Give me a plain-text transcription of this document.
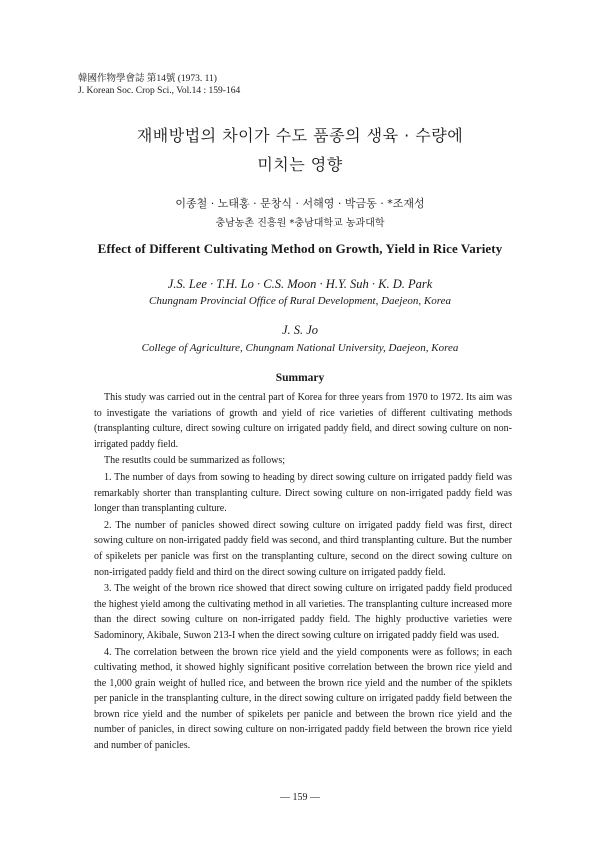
韓國作物學會誌 第14號 (1973. 11)
J. Korean Soc. Crop Sci., Vol.14 : 159-164
재배방법의 차이가 수도 품종의 생육 · 수량에
미치는 영향
이종철 · 노태홍 · 문창식 · 서해영 · 박금동 · *조재성
충남농촌 진흥원 *충남대학교 농과대학
Effect of Different Cultivating Method on Growth, Yield in Rice Variety
J.S. Lee · T.H. Lo · C.S. Moon · H.Y. Suh · K. D. Park
Chungnam Provincial Office of Rural Development, Daejeon, Korea
J. S. Jo
College of Agriculture, Chungnam National University, Daejeon, Korea
Summary

This study was carried out in the central part of Korea for three years from 1970 to 1972. Its aim was to investigate the variations of growth and yield of rice varieties of different cultivating methods (transplanting culture, direct sowing culture on irrigated paddy field, and direct sowing culture on non-irrigated paddy field.

The resutlts could be summarized as follows;

1. The number of days from sowing to heading by direct sowing culture on irrigated paddy field was remarkably shorter than transplanting culture. Direct sowing culture on non-irrigated paddy field was longer than transplanting culture.

2. The number of panicles showed direct sowing culture on irrigated paddy field was first, direct sowing culture on non-irrigated paddy field was second, and third transplanting culture. But the number of spikelets per panicle was first on the transplanting culture, second on the direct sowing culture on non-irrigated paddy field and third on the direct sowing culture on irrigated paddy field.

3. The weight of the brown rice showed that direct sowing culture on irrigated paddy field produced the highest yield among the cultivating method in all varieties. The transplanting culture increased more than the direct sowing culture on non-irrigated paddy field. The highly productive varieties were Sadominory, Akibale, Suwon 213-I when the direct sowing culture on irrigated paddy field was used.

4. The correlation between the brown rice yield and the yield components were as follows; in each cultivating method, it showed highly significant positive correlation between the brown rice yield and the 1,000 grain weight of hulled rice, and between the brown rice yield and the number of the spiklets per panicle in the transplanting culture, in the direct sowing culture on irrigated paddy field between the brown rice yield and the number of spikelets per panicle and between the brown rice yield and the number of panicles, in direct sowing culture on non-irrigated paddy field between the brown rice yield and number of panicles.

— 159 —
